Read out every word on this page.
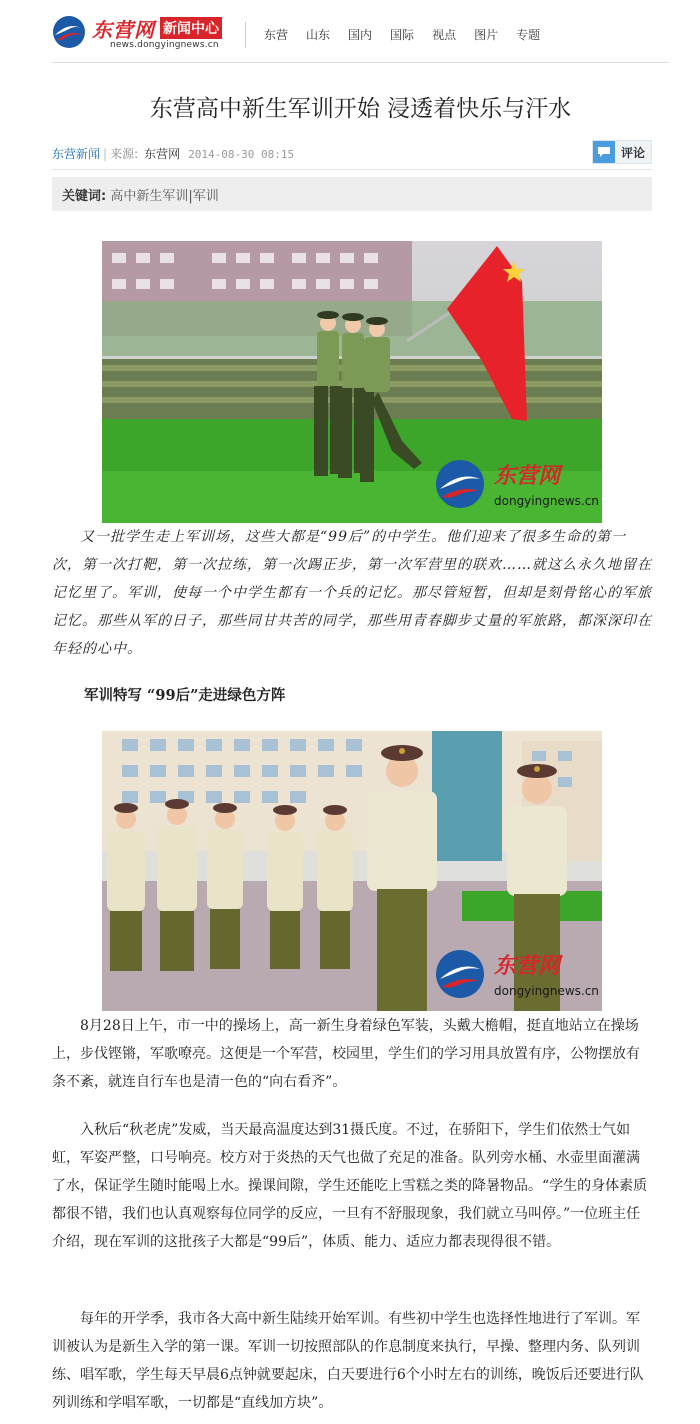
东营网 新闻中心
news.dongyingnews.cn
东营 山东 国内 国际 视点 图片 专题
东营高中新生军训开始 浸透着快乐与汗水
东营新闻 | 来源: 东营网 2014-08-30 08:15	评论
关键词: 高中新生军训|军训
东营网
dongyingnews.cn

又一批学生走上军训场，这些大都是“99后”的中学生。他们迎来了很多生命的第一次，第一次打靶，第一次拉练，第一次踢正步，第一次军营里的联欢……就这么永久地留在记忆里了。军训，使每一个中学生都有一个兵的记忆。那尽管短暂，但却是刻骨铭心的军旅记忆。那些从军的日子，那些同甘共苦的同学，那些用青春脚步丈量的军旅路，都深深印在年轻的心中。

军训特写 “99后”走进绿色方阵
东营网
dongyingnews.cn

8月28日上午，市一中的操场上，高一新生身着绿色军装，头戴大檐帽，挺直地站立在操场上，步伐铿锵，军歌嘹亮。这便是一个军营，校园里，学生们的学习用具放置有序，公物摆放有条不紊，就连自行车也是清一色的“向右看齐”。

入秋后“秋老虎”发威，当天最高温度达到31摄氏度。不过，在骄阳下，学生们依然士气如虹，军姿严整，口号响亮。校方对于炎热的天气也做了充足的准备。队列旁水桶、水壶里面灌满了水，保证学生随时能喝上水。操课间隙，学生还能吃上雪糕之类的降暑物品。“学生的身体素质都很不错，我们也认真观察每位同学的反应，一旦有不舒服现象，我们就立马叫停。”一位班主任介绍，现在军训的这批孩子大都是“99后”，体质、能力、适应力都表现得很不错。

每年的开学季，我市各大高中新生陆续开始军训。有些初中学生也选择性地进行了军训。军训被认为是新生入学的第一课。军训一切按照部队的作息制度来执行，早操、整理内务、队列训练、唱军歌，学生每天早晨6点钟就要起床，白天要进行6个小时左右的训练，晚饭后还要进行队列训练和学唱军歌，一切都是“直线加方块”。
